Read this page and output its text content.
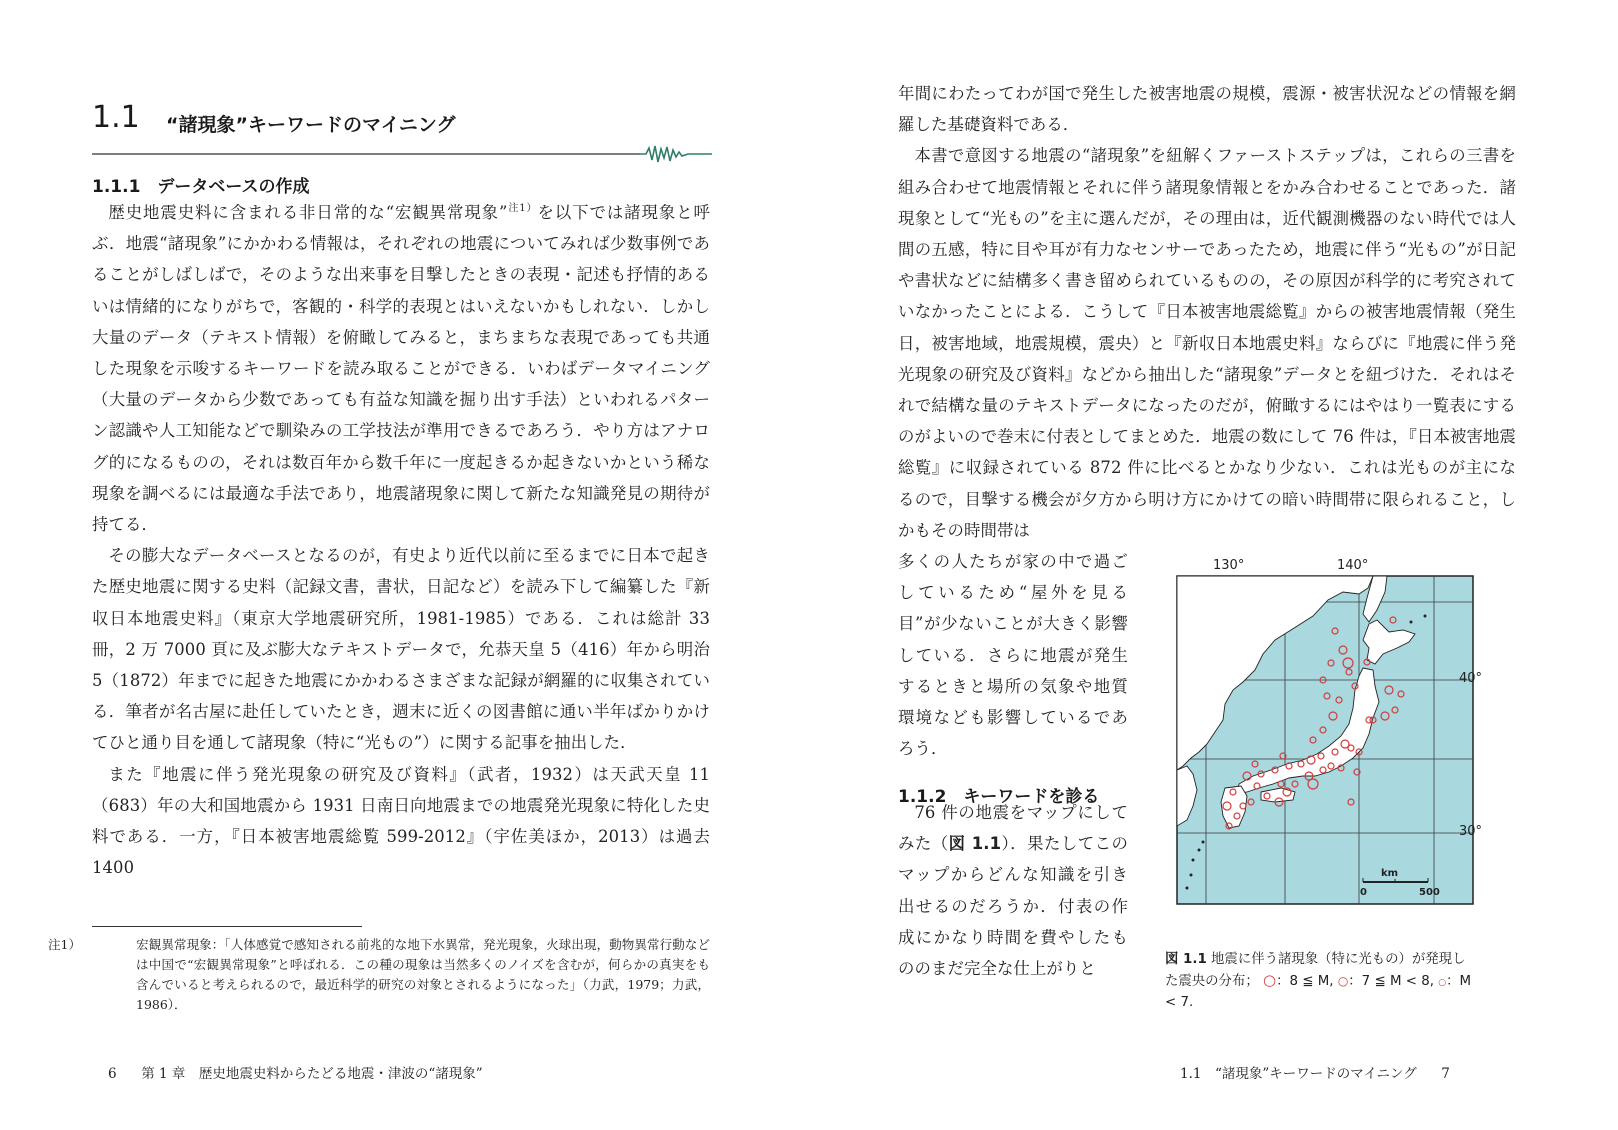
1.1 “諸現象”キーワードのマイニング
1.1.1　データベースの作成

歴史地震史料に含まれる非日常的な“宏観異常現象”$^{注1)}$を以下では諸現象と呼ぶ．地震“諸現象”にかかわる情報は，それぞれの地震についてみれば少数事例であることがしばしばで，そのような出来事を目撃したときの表現・記述も抒情的あるいは情緒的になりがちで，客観的・科学的表現とはいえないかもしれない．しかし大量のデータ（テキスト情報）を俯瞰してみると，まちまちな表現であっても共通した現象を示唆するキーワードを読み取ることができる．いわばデータマイニング（大量のデータから少数であっても有益な知識を掘り出す手法）といわれるパターン認識や人工知能などで馴染みの工学技法が準用できるであろう．やり方はアナログ的になるものの，それは数百年から数千年に一度起きるか起きないかという稀な現象を調べるには最適な手法であり，地震諸現象に関して新たな知識発見の期待が持てる．

その膨大なデータベースとなるのが，有史より近代以前に至るまでに日本で起きた歴史地震に関する史料（記録文書，書状，日記など）を読み下して編纂した『新収日本地震史料』（東京大学地震研究所，1981-1985）である．これは総計 33 冊，2 万 7000 頁に及ぶ膨大なテキストデータで，允恭天皇 5（416）年から明治 5（1872）年までに起きた地震にかかわるさまざまな記録が網羅的に収集されている．筆者が名古屋に赴任していたとき，週末に近くの図書館に通い半年ばかりかけてひと通り目を通して諸現象（特に“光もの”）に関する記事を抽出した．

また『地震に伴う発光現象の研究及び資料』（武者，1932）は天武天皇 11（683）年の大和国地震から 1931 日南日向地震までの地震発光現象に特化した史料である．一方，『日本被害地震総覧 599-2012』（宇佐美ほか，2013）は過去 1400

注1）	宏観異常現象：「人体感覚で感知される前兆的な地下水異常，発光現象，火球出現，動物異常行動などは中国で“宏観異常現象”と呼ばれる．この種の現象は当然多くのノイズを含むが，何らかの真実をも含んでいると考えられるので，最近科学的研究の対象とされるようになった」（力武，1979；力武，1986）．
6 第 1 章　歴史地震史料からたどる地震・津波の“諸現象”

年間にわたってわが国で発生した被害地震の規模，震源・被害状況などの情報を網羅した基礎資料である．

本書で意図する地震の“諸現象”を紐解くファーストステップは，これらの三書を組み合わせて地震情報とそれに伴う諸現象情報とをかみ合わせることであった．諸現象として“光もの”を主に選んだが，その理由は，近代観測機器のない時代では人間の五感，特に目や耳が有力なセンサーであったため，地震に伴う“光もの”が日記や書状などに結構多く書き留められているものの，その原因が科学的に考究されていなかったことによる．こうして『日本被害地震総覧』からの被害地震情報（発生日，被害地域，地震規模，震央）と『新収日本地震史料』ならびに『地震に伴う発光現象の研究及び資料』などから抽出した“諸現象”データとを紐づけた．それはそれで結構な量のテキストデータになったのだが，俯瞰するにはやはり一覧表にするのがよいので巻末に付表としてまとめた．地震の数にして 76 件は，『日本被害地震総覧』に収録されている 872 件に比べるとかなり少ない．これは光ものが主になるので，目撃する機会が夕方から明け方にかけての暗い時間帯に限られること，しかもその時間帯は

多くの人たちが家の中で過ごしているため“屋外を見る目”が少ないことが大きく影響している．さらに地震が発生するときと場所の気象や地質環境なども影響しているであろう．

1.1.2　キーワードを診る

76 件の地震をマップにしてみた（図 1.1）．果たしてこのマップからどんな知識を引き出せるのだろうか．付表の作成にかなり時間を費やしたもののまだ完全な仕上がりと

130°	140°
40°
30°
km
0	500
図 1.1 地震に伴う諸現象（特に光もの）が発現した震央の分布； ○：8 ≦ M, ○：7 ≦ M < 8, ○：M < 7.
1.1　“諸現象”キーワードのマイニング 7
